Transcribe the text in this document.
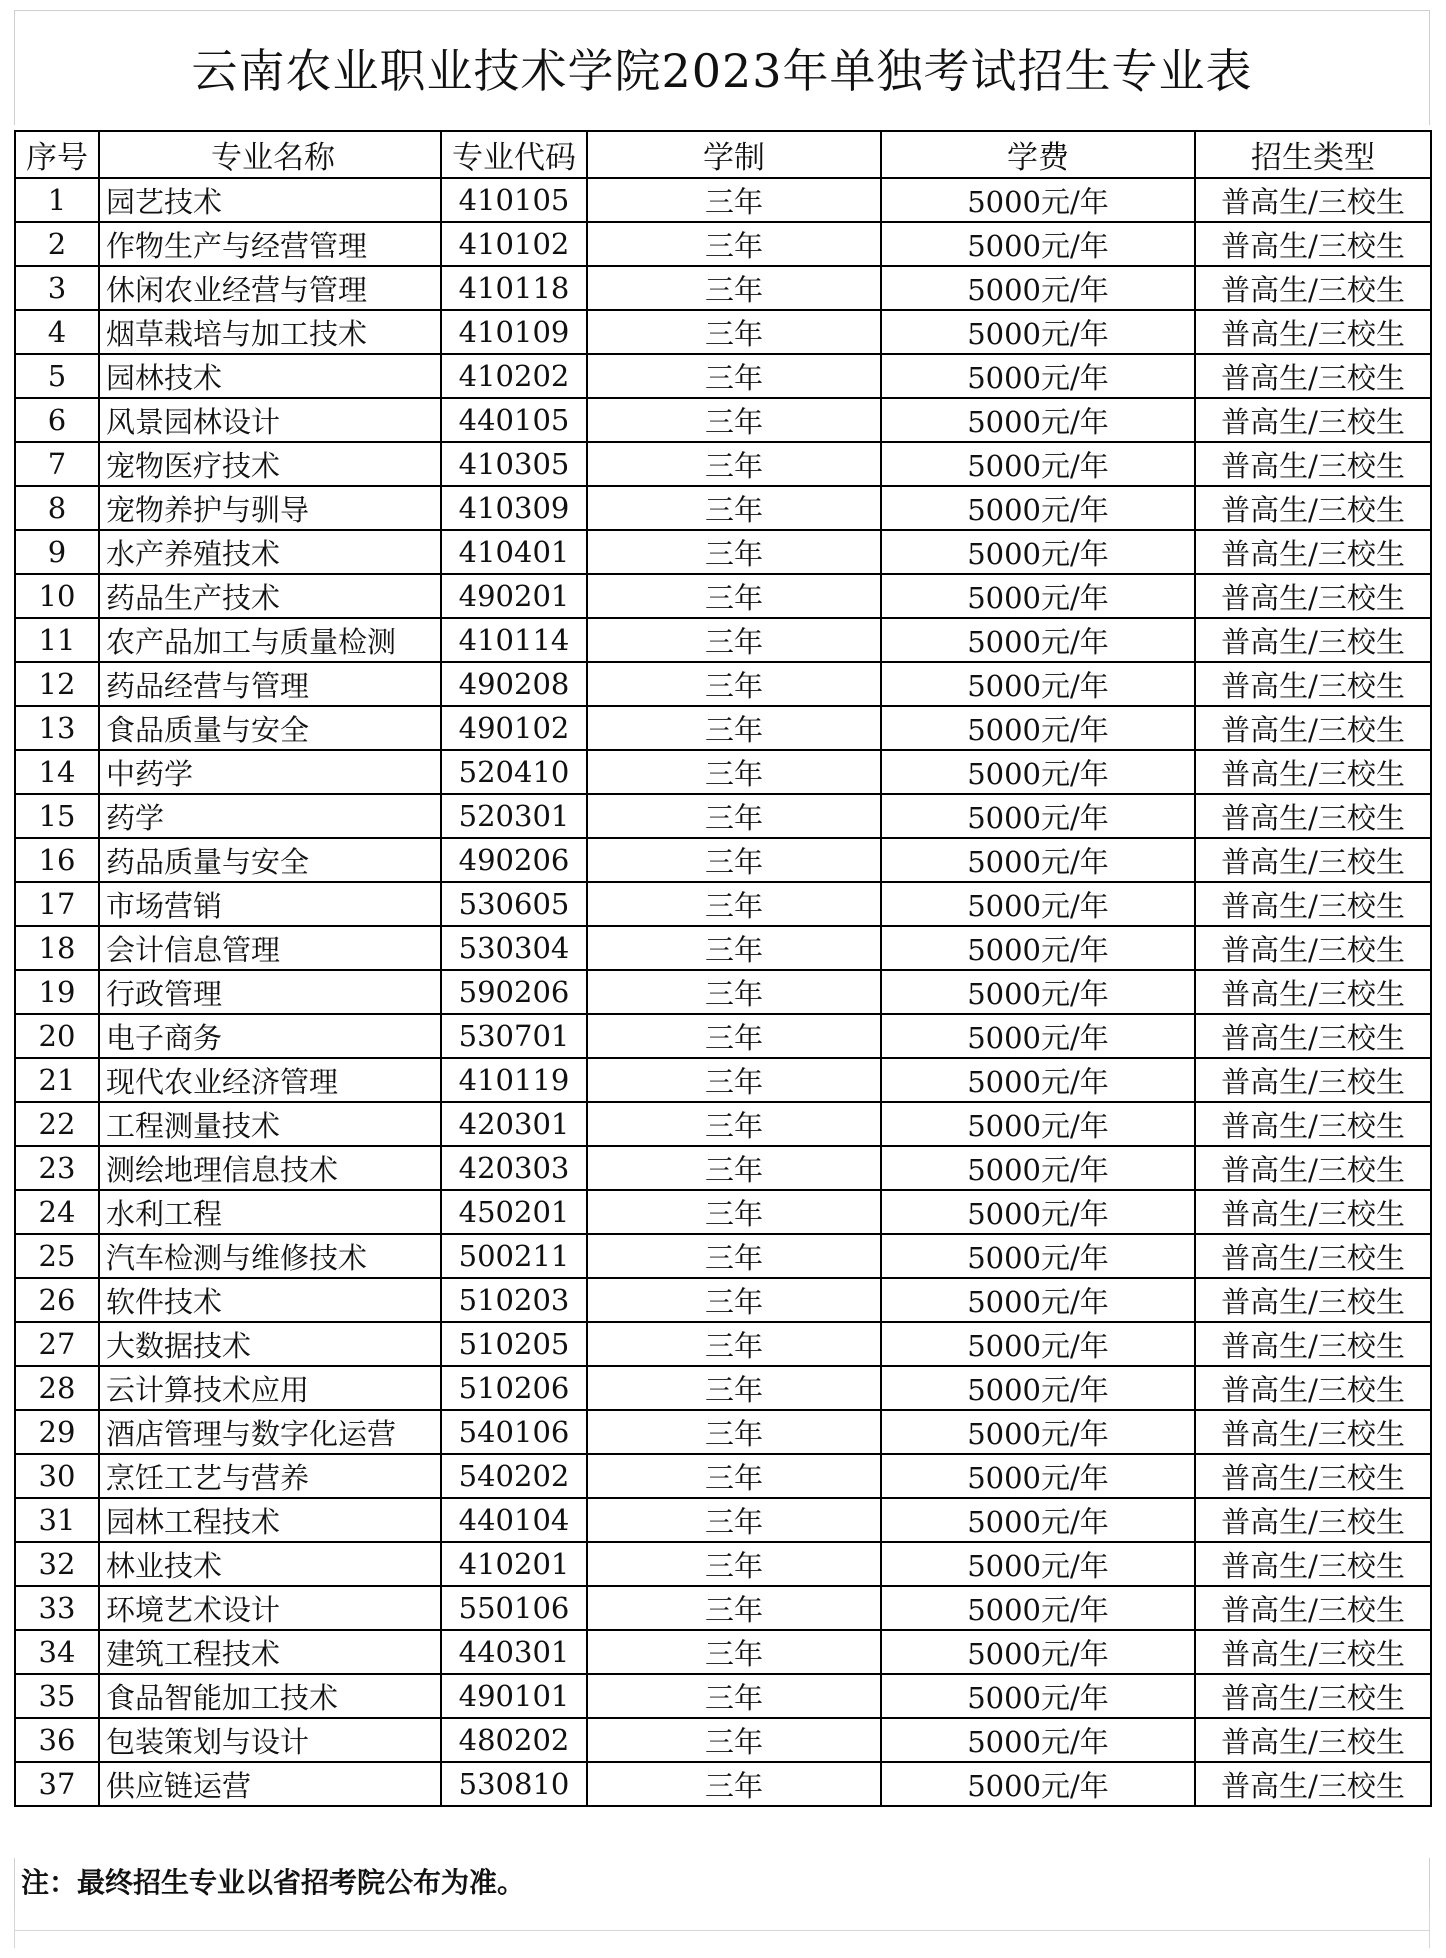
云南农业职业技术学院2023年单独考试招生专业表
序号	专业名称	专业代码	学制	学费	招生类型
1	园艺技术	410105	三年	5000元/年	普高生/三校生
2	作物生产与经营管理	410102	三年	5000元/年	普高生/三校生
3	休闲农业经营与管理	410118	三年	5000元/年	普高生/三校生
4	烟草栽培与加工技术	410109	三年	5000元/年	普高生/三校生
5	园林技术	410202	三年	5000元/年	普高生/三校生
6	风景园林设计	440105	三年	5000元/年	普高生/三校生
7	宠物医疗技术	410305	三年	5000元/年	普高生/三校生
8	宠物养护与驯导	410309	三年	5000元/年	普高生/三校生
9	水产养殖技术	410401	三年	5000元/年	普高生/三校生
10	药品生产技术	490201	三年	5000元/年	普高生/三校生
11	农产品加工与质量检测	410114	三年	5000元/年	普高生/三校生
12	药品经营与管理	490208	三年	5000元/年	普高生/三校生
13	食品质量与安全	490102	三年	5000元/年	普高生/三校生
14	中药学	520410	三年	5000元/年	普高生/三校生
15	药学	520301	三年	5000元/年	普高生/三校生
16	药品质量与安全	490206	三年	5000元/年	普高生/三校生
17	市场营销	530605	三年	5000元/年	普高生/三校生
18	会计信息管理	530304	三年	5000元/年	普高生/三校生
19	行政管理	590206	三年	5000元/年	普高生/三校生
20	电子商务	530701	三年	5000元/年	普高生/三校生
21	现代农业经济管理	410119	三年	5000元/年	普高生/三校生
22	工程测量技术	420301	三年	5000元/年	普高生/三校生
23	测绘地理信息技术	420303	三年	5000元/年	普高生/三校生
24	水利工程	450201	三年	5000元/年	普高生/三校生
25	汽车检测与维修技术	500211	三年	5000元/年	普高生/三校生
26	软件技术	510203	三年	5000元/年	普高生/三校生
27	大数据技术	510205	三年	5000元/年	普高生/三校生
28	云计算技术应用	510206	三年	5000元/年	普高生/三校生
29	酒店管理与数字化运营	540106	三年	5000元/年	普高生/三校生
30	烹饪工艺与营养	540202	三年	5000元/年	普高生/三校生
31	园林工程技术	440104	三年	5000元/年	普高生/三校生
32	林业技术	410201	三年	5000元/年	普高生/三校生
33	环境艺术设计	550106	三年	5000元/年	普高生/三校生
34	建筑工程技术	440301	三年	5000元/年	普高生/三校生
35	食品智能加工技术	490101	三年	5000元/年	普高生/三校生
36	包装策划与设计	480202	三年	5000元/年	普高生/三校生
37	供应链运营	530810	三年	5000元/年	普高生/三校生
注：最终招生专业以省招考院公布为准。
